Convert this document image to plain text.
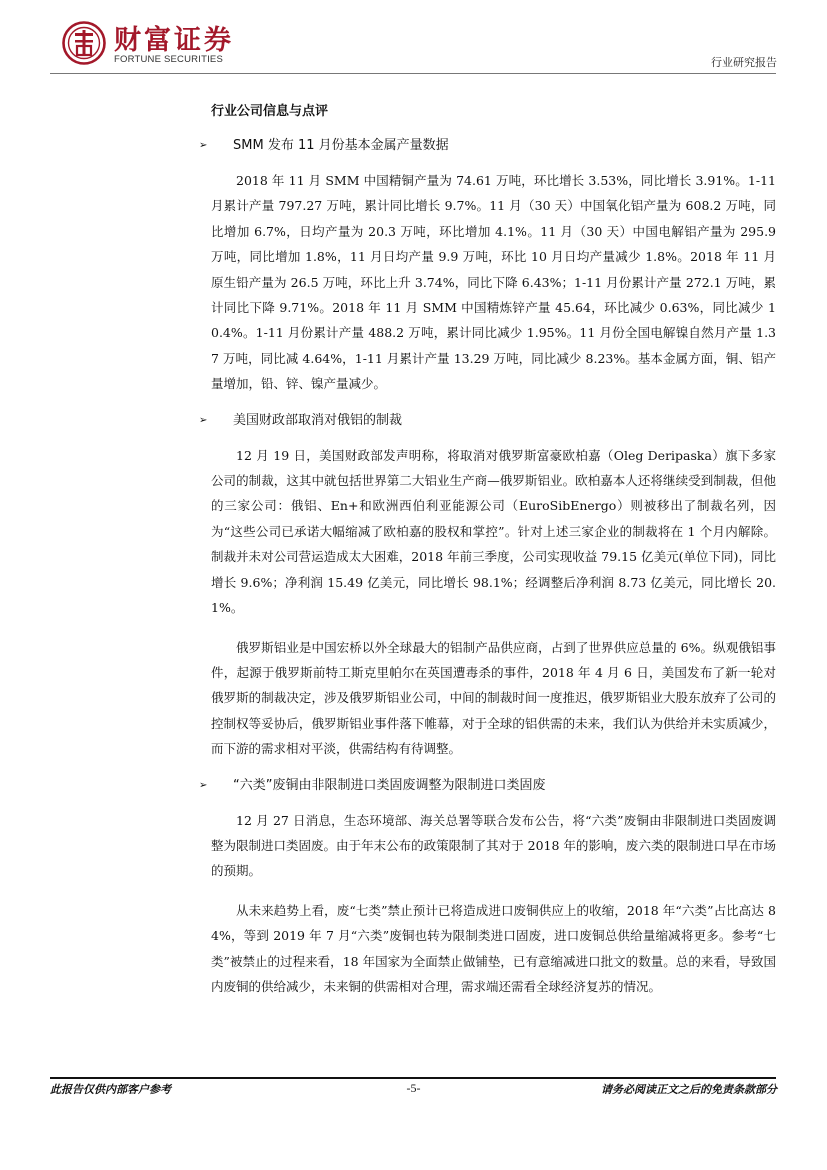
财富证券
FORTUNE SECURITIES	行业研究报告
行业公司信息与点评
➢ SMM 发布 11 月份基本金属产量数据

2018 年 11 月 SMM 中国精铜产量为 74.61 万吨，环比增长 3.53%，同比增长 3.91%。1-11 月累计产量 797.27 万吨，累计同比增长 9.7%。11 月（30 天）中国氧化铝产量为 608.2 万吨，同比增加 6.7%，日均产量为 20.3 万吨，环比增加 4.1%。11 月（30 天）中国电解铝产量为 295.9 万吨，同比增加 1.8%，11 月日均产量 9.9 万吨，环比 10 月日均产量减少 1.8%。2018 年 11 月原生铅产量为 26.5 万吨，环比上升 3.74%，同比下降 6.43%；1-11 月份累计产量 272.1 万吨，累计同比下降 9.71%。2018 年 11 月 SMM 中国精炼锌产量 45.64，环比减少 0.63%，同比减少 10.4%。1-11 月份累计产量 488.2 万吨，累计同比减少 1.95%。11 月份全国电解镍自然月产量 1.37 万吨，同比减 4.64%，1-11 月累计产量 13.29 万吨，同比减少 8.23%。基本金属方面，铜、铝产量增加，铅、锌、镍产量减少。

➢ 美国财政部取消对俄铝的制裁

12 月 19 日，美国财政部发声明称，将取消对俄罗斯富豪欧柏嘉（Oleg Deripaska）旗下多家公司的制裁，这其中就包括世界第二大铝业生产商—俄罗斯铝业。欧柏嘉本人还将继续受到制裁，但他的三家公司：俄铝、En+和欧洲西伯利亚能源公司（EuroSibEnergo）则被移出了制裁名列，因为“这些公司已承诺大幅缩减了欧柏嘉的股权和掌控”。针对上述三家企业的制裁将在 1 个月内解除。制裁并未对公司营运造成太大困难，2018 年前三季度，公司实现收益 79.15 亿美元(单位下同)，同比增长 9.6%；净利润 15.49 亿美元，同比增长 98.1%；经调整后净利润 8.73 亿美元，同比增长 20.1%。

俄罗斯铝业是中国宏桥以外全球最大的铝制产品供应商，占到了世界供应总量的 6%。纵观俄铝事件，起源于俄罗斯前特工斯克里帕尔在英国遭毒杀的事件，2018 年 4 月 6 日，美国发布了新一轮对俄罗斯的制裁决定，涉及俄罗斯铝业公司，中间的制裁时间一度推迟，俄罗斯铝业大股东放弃了公司的控制权等妥协后，俄罗斯铝业事件落下帷幕，对于全球的铝供需的未来，我们认为供给并未实质减少，而下游的需求相对平淡，供需结构有待调整。

➢ “六类”废铜由非限制进口类固废调整为限制进口类固废

12 月 27 日消息，生态环境部、海关总署等联合发布公告，将“六类”废铜由非限制进口类固废调整为限制进口类固废。由于年末公布的政策限制了其对于 2018 年的影响，废六类的限制进口早在市场的预期。

从未来趋势上看，废“七类”禁止预计已将造成进口废铜供应上的收缩，2018 年“六类”占比高达 84%，等到 2019 年 7 月“六类”废铜也转为限制类进口固废，进口废铜总供给量缩减将更多。参考“七类”被禁止的过程来看，18 年国家为全面禁止做铺垫，已有意缩减进口批文的数量。总的来看，导致国内废铜的供给减少，未来铜的供需相对合理，需求端还需看全球经济复苏的情况。

此报告仅供内部客户参考	-5-	请务必阅读正文之后的免责条款部分
